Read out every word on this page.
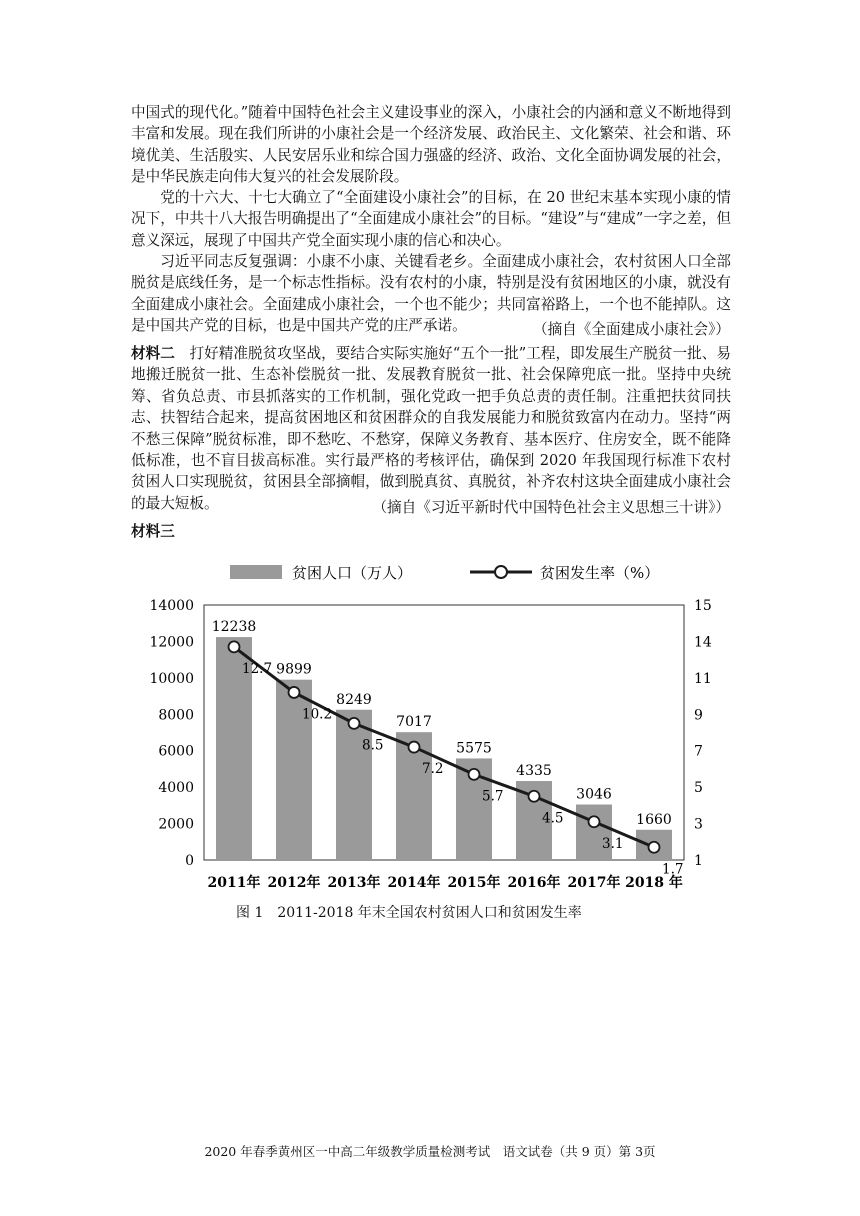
中国式的现代化。”随着中国特色社会主义建设事业的深入，小康社会的内涵和意义不断地得到丰富和发展。现在我们所讲的小康社会是一个经济发展、政治民主、文化繁荣、社会和谐、环境优美、生活殷实、人民安居乐业和综合国力强盛的经济、政治、文化全面协调发展的社会，是中华民族走向伟大复兴的社会发展阶段。

党的十六大、十七大确立了“全面建设小康社会”的目标，在 20 世纪末基本实现小康的情况下，中共十八大报告明确提出了“全面建成小康社会”的目标。“建设”与“建成”一字之差，但意义深远，展现了中国共产党全面实现小康的信心和决心。

习近平同志反复强调：小康不小康、关键看老乡。全面建成小康社会，农村贫困人口全部脱贫是底线任务，是一个标志性指标。没有农村的小康，特别是没有贫困地区的小康，就没有全面建成小康社会。全面建成小康社会，一个也不能少；共同富裕路上，一个也不能掉队。这是中国共产党的目标，也是中国共产党的庄严承诺。	（摘自《全面建成小康社会》）

材料二　 打好精准脱贫攻坚战，要结合实际实施好“五个一批”工程，即发展生产脱贫一批、易地搬迁脱贫一批、生态补偿脱贫一批、发展教育脱贫一批、社会保障兜底一批。坚持中央统筹、省负总责、市县抓落实的工作机制，强化党政一把手负总责的责任制。注重把扶贫同扶志、扶智结合起来，提高贫困地区和贫困群众的自我发展能力和脱贫致富内在动力。坚持“两不愁三保障”脱贫标准，即不愁吃、不愁穿，保障义务教育、基本医疗、住房安全，既不能降低标准，也不盲目拔高标准。实行最严格的考核评估，确保到 2020 年我国现行标准下农村贫困人口实现脱贫，贫困县全部摘帽，做到脱真贫、真脱贫，补齐农村这块全面建成小康社会的最大短板。	（摘自《习近平新时代中国特色社会主义思想三十讲》）

材料三

贫困人口（万人）	贫困发生率（%）
12238
9899
8249
7017
5575
4335
3046
1660
12.7
10.2
8.5
7.2
5.7
4.5
3.1
1.7
0
2000
4000
6000
8000
10000
12000
14000
1
3
5
7
9
11
14
15
2011年 2012年 2013年 2014年 2015年 2016年 2017年 2018 年

图 1　2011-2018 年末全国农村贫困人口和贫困发生率

2020 年春季黄州区一中高二年级教学质量检测考试　语文试卷（共 9 页）第 3页
